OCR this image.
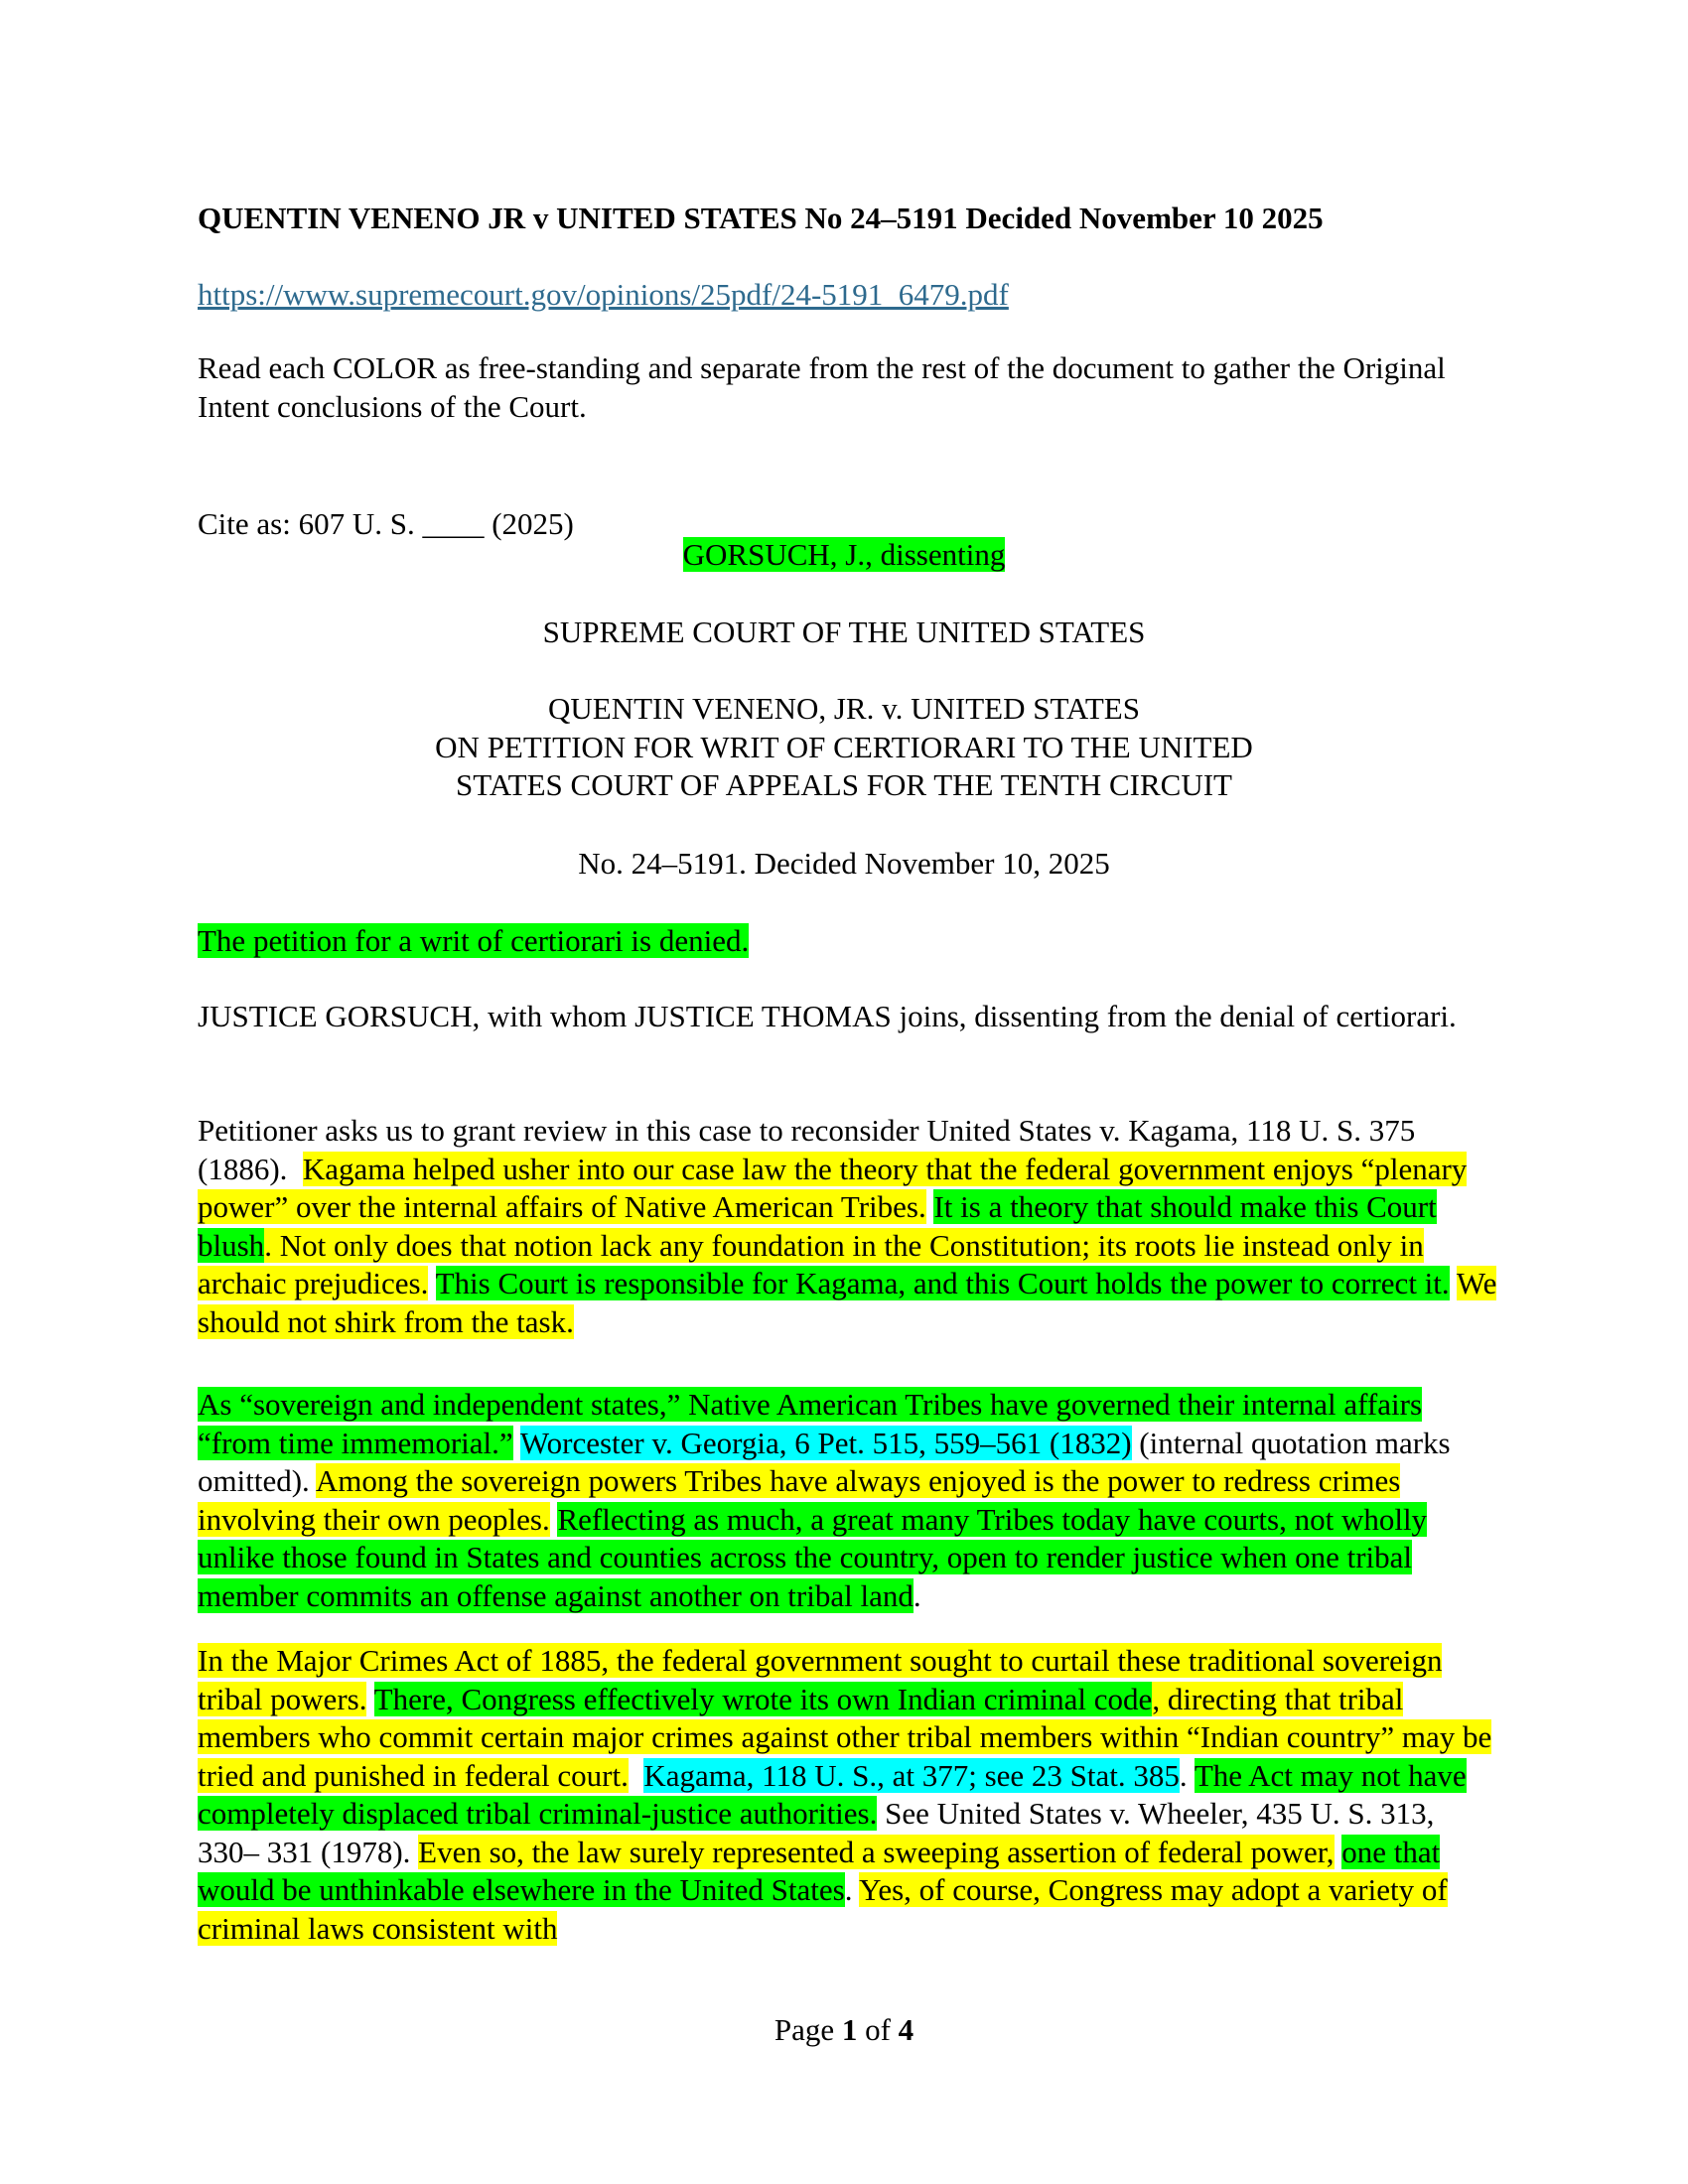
QUENTIN VENENO JR v UNITED STATES No 24–5191 Decided November 10 2025
https://www.supremecourt.gov/opinions/25pdf/24-5191_6479.pdf

Read each COLOR as free-standing and separate from the rest of the document to gather the Original Intent conclusions of the Court.

Cite as: 607 U. S. ____ (2025)
GORSUCH, J., dissenting
SUPREME COURT OF THE UNITED STATES
QUENTIN VENENO, JR. v. UNITED STATES
ON PETITION FOR WRIT OF CERTIORARI TO THE UNITED
STATES COURT OF APPEALS FOR THE TENTH CIRCUIT
No. 24–5191. Decided November 10, 2025
The petition for a writ of certiorari is denied.

JUSTICE GORSUCH, with whom JUSTICE THOMAS joins, dissenting from the denial of certiorari.

Petitioner asks us to grant review in this case to reconsider United States v. Kagama, 118 U. S. 375 (1886). Kagama helped usher into our case law the theory that the federal government enjoys “plenary power” over the internal affairs of Native American Tribes. It is a theory that should make this Court blush. Not only does that notion lack any foundation in the Constitution; its roots lie instead only in archaic prejudices. This Court is responsible for Kagama, and this Court holds the power to correct it. We should not shirk from the task.

As “sovereign and independent states,” Native American Tribes have governed their internal affairs “from time immemorial.” Worcester v. Georgia, 6 Pet. 515, 559–561 (1832) (internal quotation marks omitted). Among the sovereign powers Tribes have always enjoyed is the power to redress crimes involving their own peoples. Reflecting as much, a great many Tribes today have courts, not wholly unlike those found in States and counties across the country, open to render justice when one tribal member commits an offense against another on tribal land.

In the Major Crimes Act of 1885, the federal government sought to curtail these traditional sovereign tribal powers. There, Congress effectively wrote its own Indian criminal code, directing that tribal members who commit certain major crimes against other tribal members within “Indian country” may be tried and punished in federal court. Kagama, 118 U. S., at 377; see 23 Stat. 385. The Act may not have completely displaced tribal criminal-justice authorities. See United States v. Wheeler, 435 U. S. 313, 330– 331 (1978). Even so, the law surely represented a sweeping assertion of federal power, one that would be unthinkable elsewhere in the United States. Yes, of course, Congress may adopt a variety of criminal laws consistent with

Page 1 of 4
